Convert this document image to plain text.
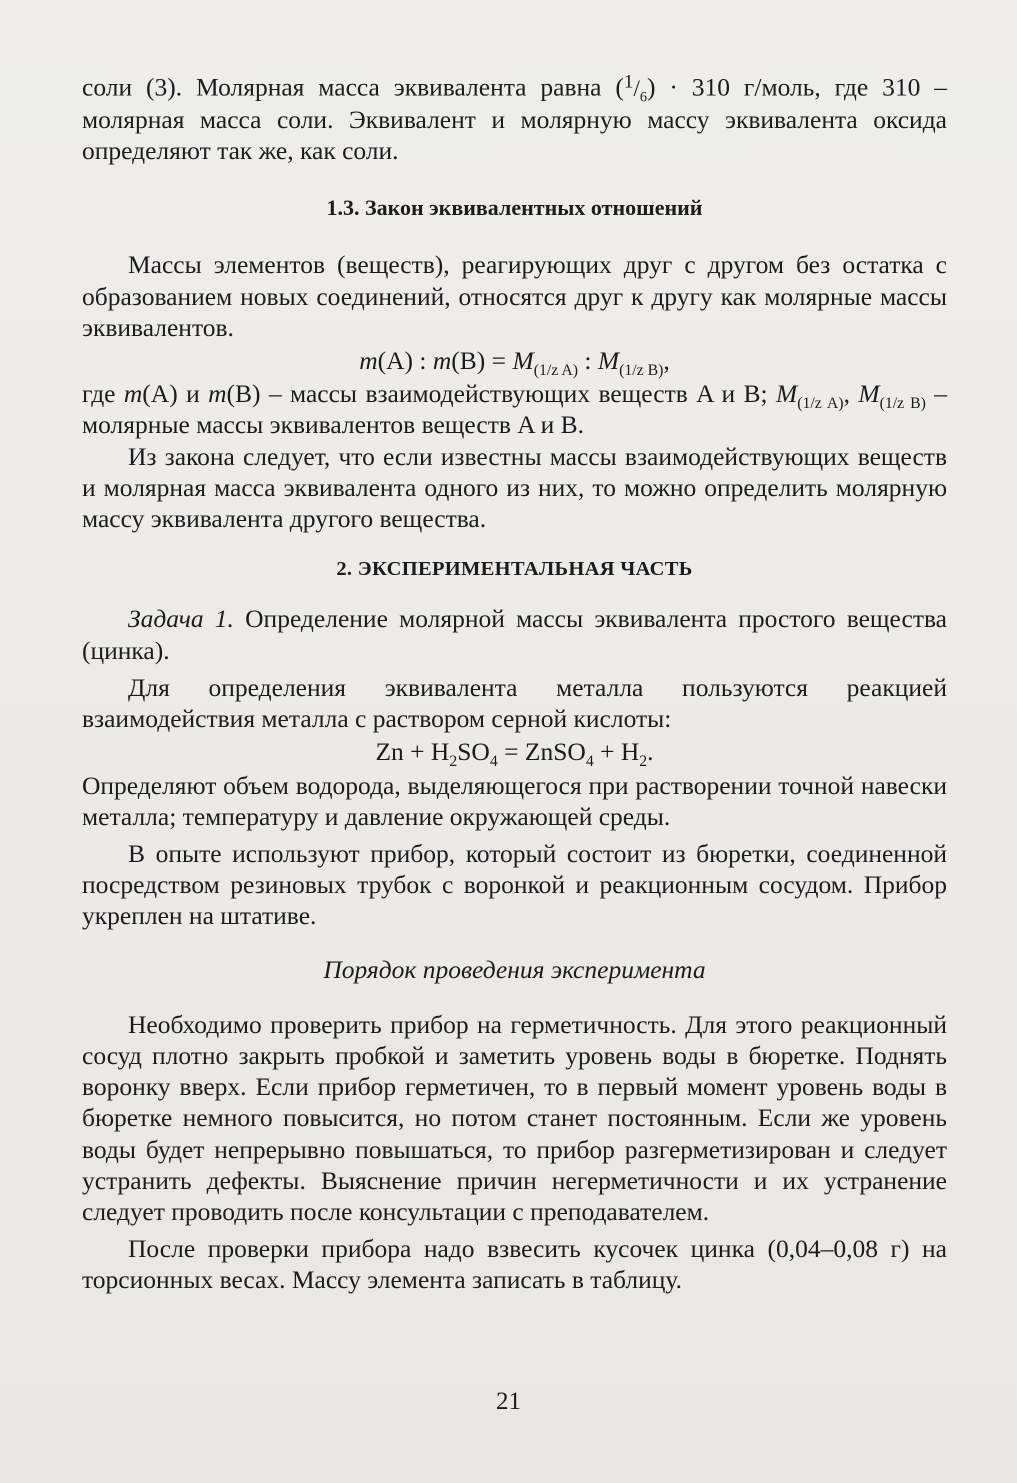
соли (3). Молярная масса эквивалента равна $(^1/_6) \cdot 310$ г/моль, где 310 – молярная масса соли. Эквивалент и молярную массу эквивалента оксида определяют так же, как соли.

1.3. Закон эквивалентных отношений

Массы элементов (веществ), реагирующих друг с другом без остатка с образованием новых соединений, относятся друг к другу как молярные массы эквивалентов.

m(A) : $m(B) = M_{(1/z A)}$ : $M_{(1/z B)}$,

где m(A) и m(B) – массы взаимодействующих веществ A и B; $M_{(1/z A)}$, $M_{(1/z B)}$ – молярные массы эквивалентов веществ A и B.

Из закона следует, что если известны массы взаимодействующих веществ и молярная масса эквивалента одного из них, то можно определить молярную массу эквивалента другого вещества.

2. ЭКСПЕРИМЕНТАЛЬНАЯ ЧАСТЬ

Задача 1. Определение молярной массы эквивалента простого вещества (цинка).

Для определения эквивалента металла пользуются реакцией взаимодействия металла с раствором серной кислоты:

$Zn + H_2SO_4$ = ZnSO$_4$ + $H_2$.

Определяют объем водорода, выделяющегося при растворении точной навески металла; температуру и давление окружающей среды.

В опыте используют прибор, который состоит из бюретки, соединенной посредством резиновых трубок с воронкой и реакционным сосудом. Прибор укреплен на штативе.

Порядок проведения эксперимента

Необходимо проверить прибор на герметичность. Для этого реакционный сосуд плотно закрыть пробкой и заметить уровень воды в бюретке. Поднять воронку вверх. Если прибор герметичен, то в первый момент уровень воды в бюретке немного повысится, но потом станет постоянным. Если же уровень воды будет непрерывно повышаться, то прибор разгерметизирован и следует устранить дефекты. Выяснение причин негерметичности и их устранение следует проводить после консультации с преподавателем.

После проверки прибора надо взвесить кусочек цинка (0,04–0,08 г) на торсионных весах. Массу элемента записать в таблицу.

21
